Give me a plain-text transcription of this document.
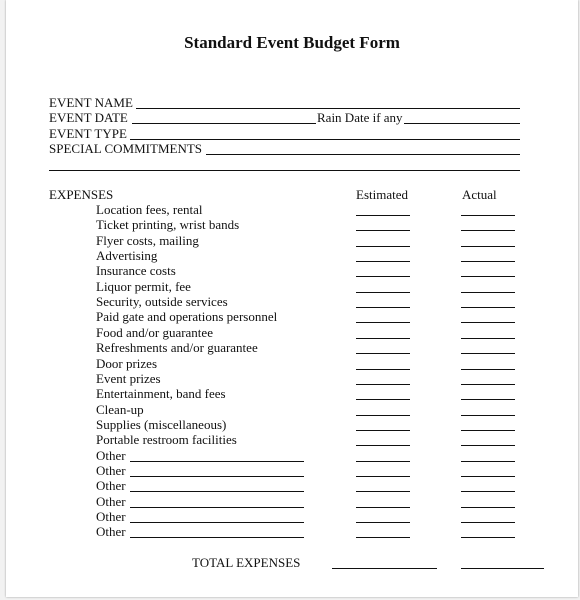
Standard Event Budget Form
EVENT NAME
EVENT DATE	Rain Date if any
EVENT TYPE
SPECIAL COMMITMENTS
EXPENSES	Estimated	Actual
Location fees, rental
Ticket printing, wrist bands
Flyer costs, mailing
Advertising
Insurance costs
Liquor permit, fee
Security, outside services
Paid gate and operations personnel
Food and/or guarantee
Refreshments and/or guarantee
Door prizes
Event prizes
Entertainment, band fees
Clean-up
Supplies (miscellaneous)
Portable restroom facilities
Other
Other
Other
Other
Other
Other
TOTAL EXPENSES
